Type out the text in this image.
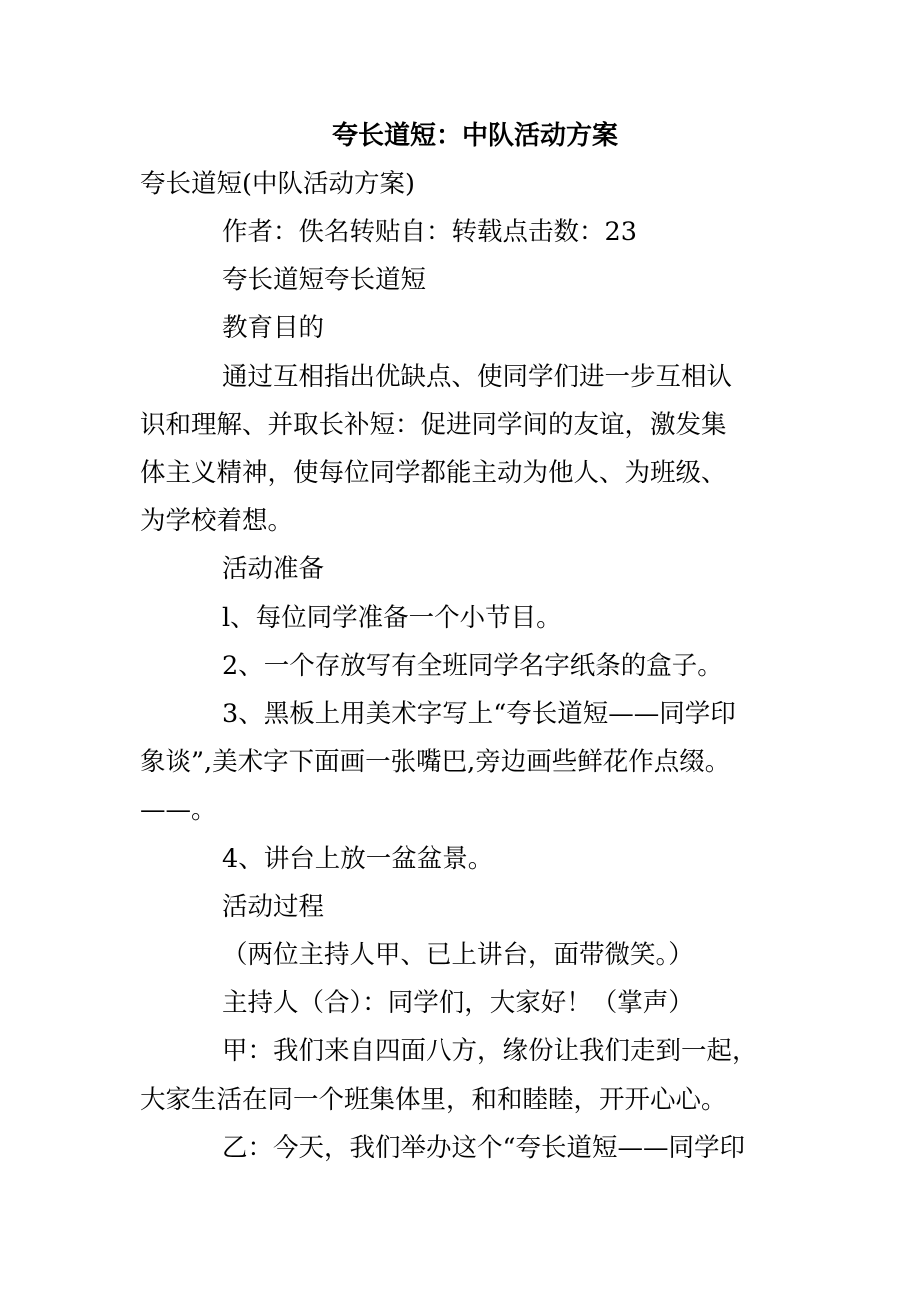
夸长道短：中队活动方案
夸长道短(中队活动方案)
作者：佚名转贴自：转载点击数：23
夸长道短夸长道短
教育目的
通过互相指出优缺点、使同学们进一步互相认
识和理解、并取长补短：促进同学间的友谊，激发集
体主义精神，使每位同学都能主动为他人、为班级、
为学校着想。
活动准备
l、每位同学准备一个小节目。
2、一个存放写有全班同学名字纸条的盒子。
3、黑板上用美术字写上“夸长道短——同学印
象谈”,美术字下面画一张嘴巴,旁边画些鲜花作点缀。
——。
4、讲台上放一盆盆景。
活动过程
（两位主持人甲、已上讲台，面带微笑。）
主持人（合）：同学们，大家好！（掌声）
甲：我们来自四面八方，缘份让我们走到一起，
大家生活在同一个班集体里，和和睦睦，开开心心。
乙：今天，我们举办这个“夸长道短——同学印
